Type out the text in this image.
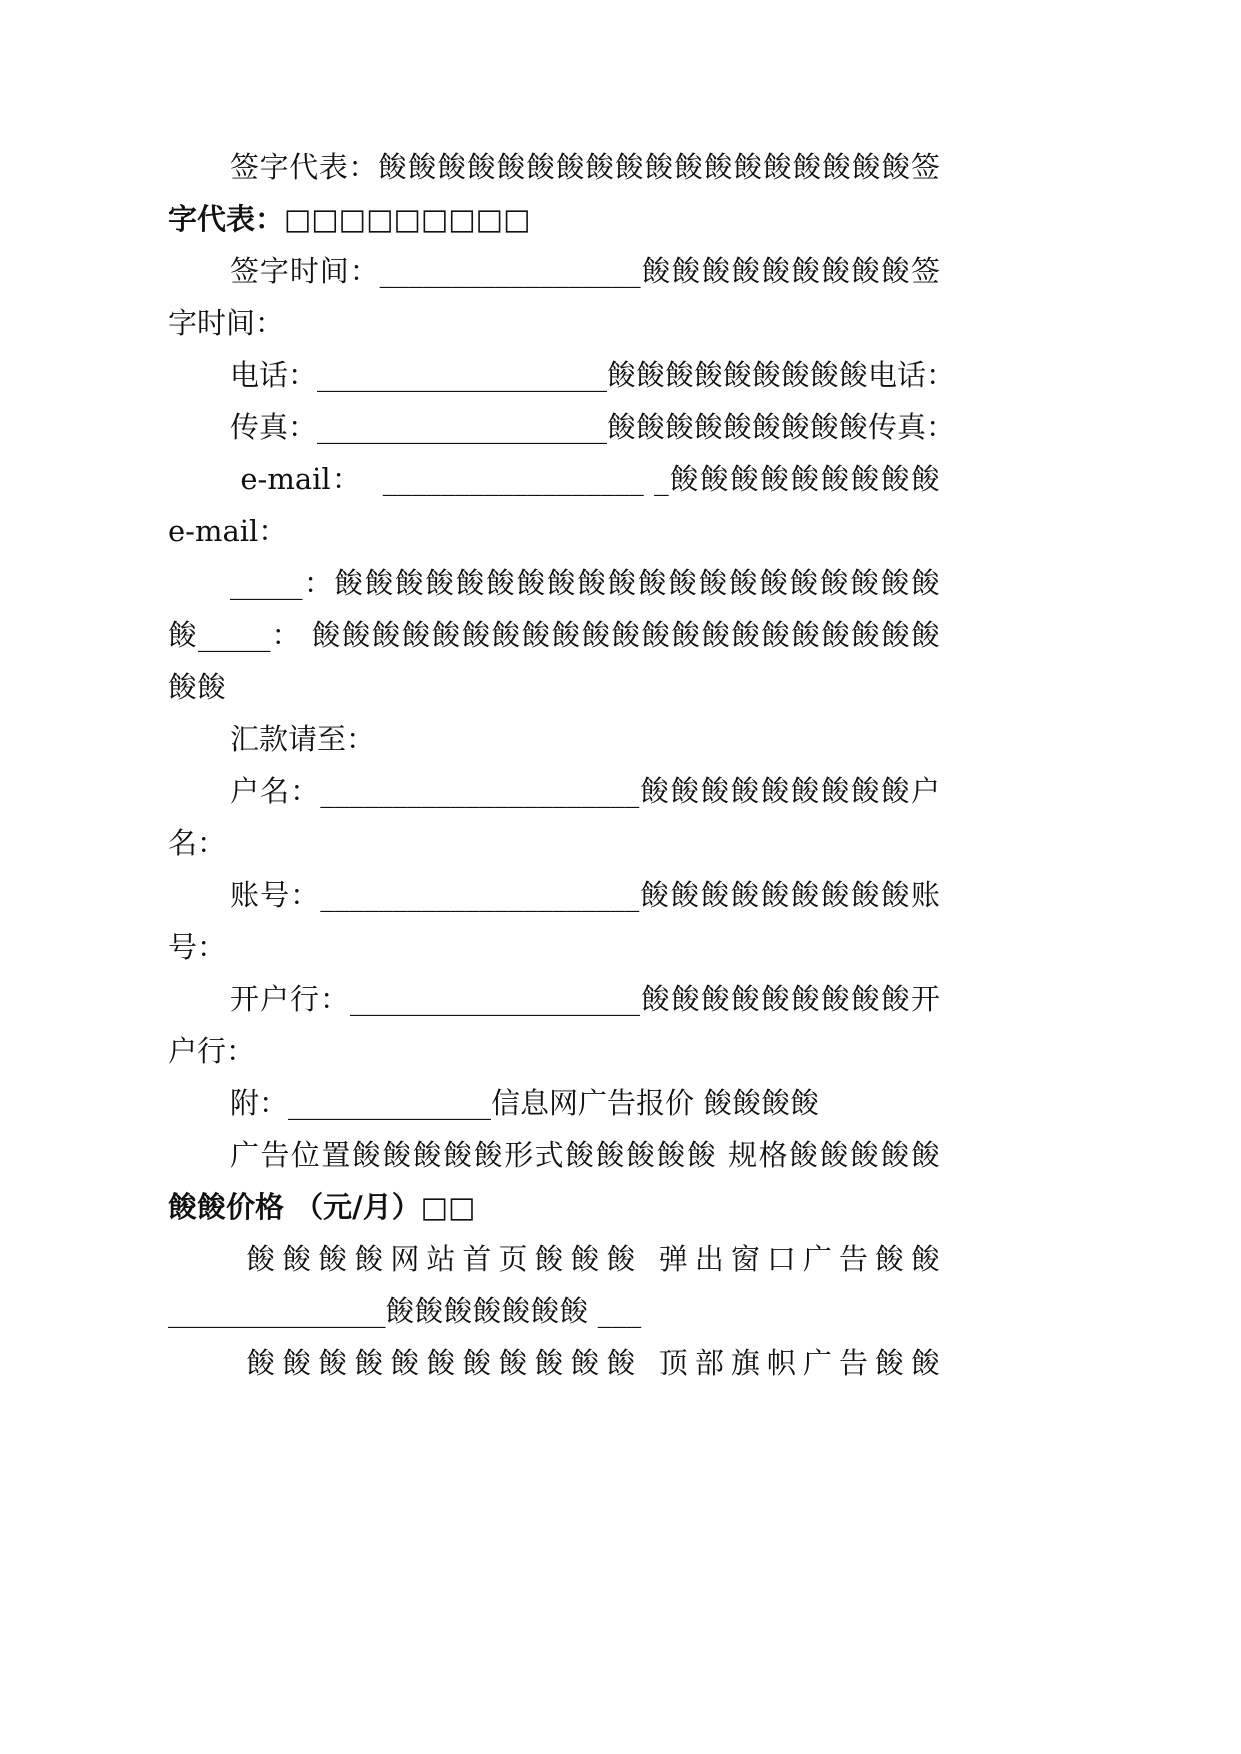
签字代表：餕餕餕餕餕餕餕餕餕餕餕餕餕餕餕餕餕餕签
字代表：□□□□□□□□□
签字时间：__________________餕餕餕餕餕餕餕餕餕签
字时间：
电话：____________________餕餕餕餕餕餕餕餕餕电话：
传真：____________________餕餕餕餕餕餕餕餕餕传真：
e-mail：  __________________ _餕餕餕餕餕餕餕餕餕
e-mail：
_____：餕餕餕餕餕餕餕餕餕餕餕餕餕餕餕餕餕餕餕餕
餕_____： 餕餕餕餕餕餕餕餕餕餕餕餕餕餕餕餕餕餕餕餕餕
餕餕
汇款请至：
户名：______________________餕餕餕餕餕餕餕餕餕户
名：
账号：______________________餕餕餕餕餕餕餕餕餕账
号：
开户行：____________________餕餕餕餕餕餕餕餕餕开
户行：
附：______________信息网广告报价 餕餕餕餕
广告位置餕餕餕餕餕形式餕餕餕餕餕 规格餕餕餕餕餕
餕餕价格 （元/月）□□
餕餕餕餕网站首页餕餕餕 弹出窗口广告餕餕
_______________餕餕餕餕餕餕餕 ___
餕餕餕餕餕餕餕餕餕餕餕 顶部旗帜广告餕餕
